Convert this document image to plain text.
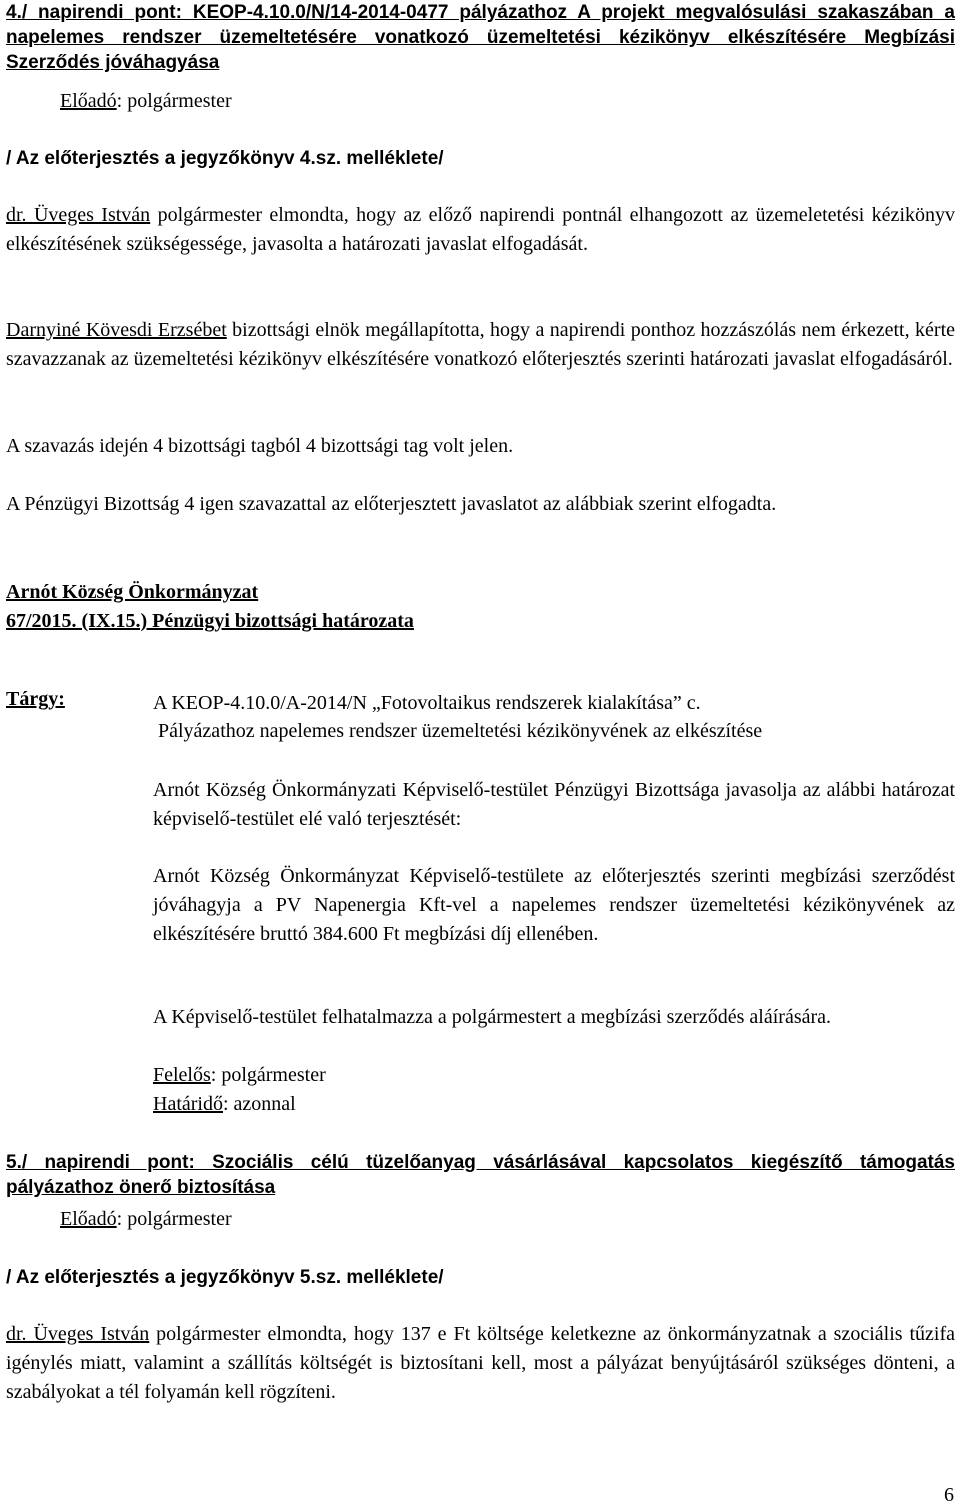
4./ napirendi pont: KEOP-4.10.0/N/14-2014-0477 pályázathoz A projekt megvalósulási szakaszában a napelemes rendszer üzemeltetésére vonatkozó üzemeltetési kézikönyv elkészítésére Megbízási Szerződés jóváhagyása
Előadó: polgármester
/ Az előterjesztés a jegyzőkönyv 4.sz. melléklete/
dr. Üveges István polgármester elmondta, hogy az előző napirendi pontnál elhangozott az üzemeletetési kézikönyv elkészítésének szükségessége, javasolta a határozati javaslat elfogadását.
Darnyiné Kövesdi Erzsébet bizottsági elnök megállapította, hogy a napirendi ponthoz hozzászólás nem érkezett, kérte szavazzanak az üzemeltetési kézikönyv elkészítésére vonatkozó előterjesztés szerinti határozati javaslat elfogadásáról.
A szavazás idején 4 bizottsági tagból 4 bizottsági tag volt jelen.
A Pénzügyi Bizottság 4 igen szavazattal az előterjesztett javaslatot az alábbiak szerint elfogadta.
Arnót Község Önkormányzat
67/2015. (IX.15.) Pénzügyi bizottsági határozata
Tárgy:	A KEOP-4.10.0/A-2014/N „Fotovoltaikus rendszerek kialakítása” c.
Pályázathoz napelemes rendszer üzemeltetési kézikönyvének az elkészítése
Arnót Község Önkormányzati Képviselő-testület Pénzügyi Bizottsága javasolja az alábbi határozat képviselő-testület elé való terjesztését:
Arnót Község Önkormányzat Képviselő-testülete az előterjesztés szerinti megbízási szerződést jóváhagyja a PV Napenergia Kft-vel a napelemes rendszer üzemeltetési kézikönyvének az elkészítésére bruttó 384.600 Ft megbízási díj ellenében.
A Képviselő-testület felhatalmazza a polgármestert a megbízási szerződés aláírására.
Felelős: polgármester
Határidő: azonnal
5./ napirendi pont: Szociális célú tüzelőanyag vásárlásával kapcsolatos kiegészítő támogatás pályázathoz önerő biztosítása
Előadó: polgármester
/ Az előterjesztés a jegyzőkönyv 5.sz. melléklete/
dr. Üveges István polgármester elmondta, hogy 137 e Ft költsége keletkezne az önkormányzatnak a szociális tűzifa igénylés miatt, valamint a szállítás költségét is biztosítani kell, most a pályázat benyújtásáról szükséges dönteni, a szabályokat a tél folyamán kell rögzíteni.
6
